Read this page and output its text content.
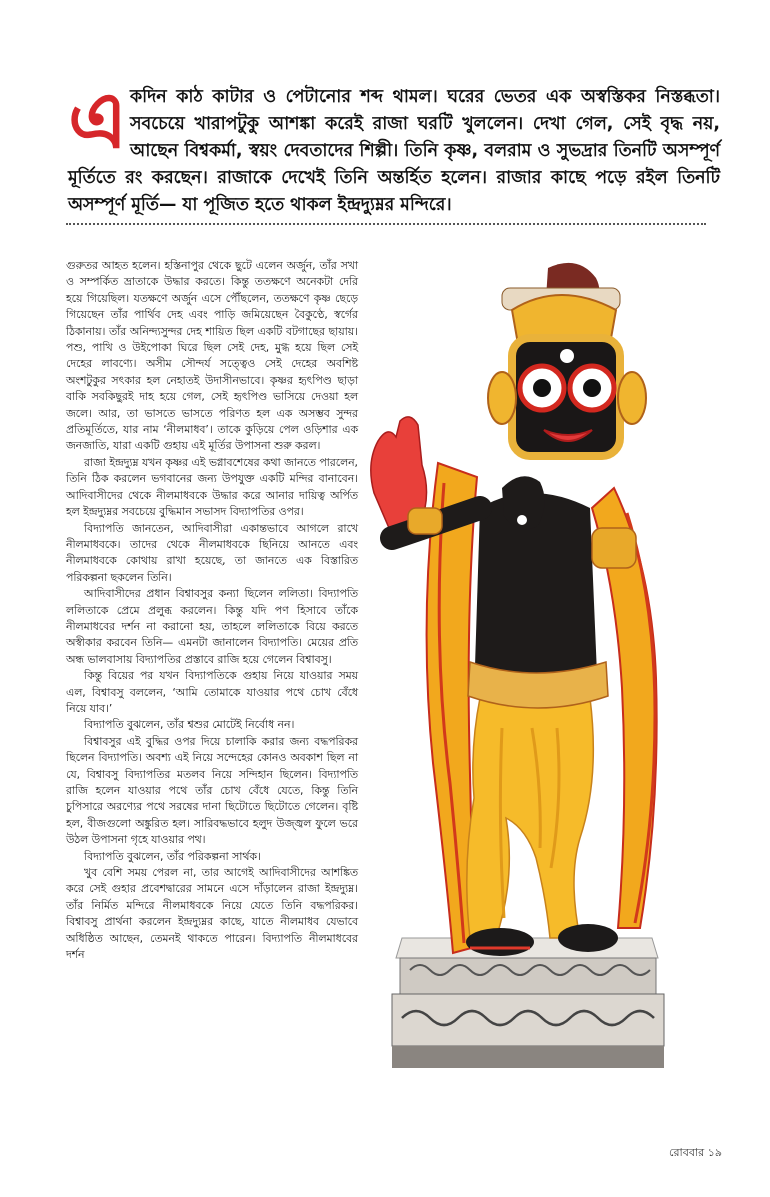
এ কদিন কাঠ কাটার ও পেটানোর শব্দ থামল। ঘরের ভেতর এক অস্বস্তিকর নিস্তব্ধতা। সবচেয়ে খারাপটুকু আশঙ্কা করেই রাজা ঘরটি খুললেন। দেখা গেল, সেই বৃদ্ধ নয়, আছেন বিশ্বকর্মা, স্বয়ং দেবতাদের শিল্পী। তিনি কৃষ্ণ, বলরাম ও সুভদ্রার তিনটি অসম্পূর্ণ মূর্তিতে রং করছেন। রাজাকে দেখেই তিনি অন্তর্হিত হলেন। রাজার কাছে পড়ে রইল তিনটি অসম্পূর্ণ মূর্তি— যা পূজিত হতে থাকল ইন্দ্রদ্যুম্নর মন্দিরে।

গুরুতর আহত হলেন। হস্তিনাপুর থেকে ছুটে এলেন অর্জুন, তাঁর সখা ও সম্পর্কিত ভ্রাতাকে উদ্ধার করতে। কিন্তু ততক্ষণে অনেকটা দেরি হয়ে গিয়েছিল। যতক্ষণে অর্জুন এসে পৌঁছলেন, ততক্ষণে কৃষ্ণ ছেড়ে গিয়েছেন তাঁর পার্থিব দেহ এবং পাড়ি জমিয়েছেন বৈকুণ্ঠে, স্বর্গের ঠিকানায়। তাঁর অনিন্দ্যসুন্দর দেহ শায়িত ছিল একটি বটগাছের ছায়ায়। পশু, পাখি ও উইপোকা ঘিরে ছিল সেই দেহ, মুগ্ধ হয়ে ছিল সেই দেহের লাবণ্যে। অসীম সৌন্দর্য সত্ত্বেও সেই দেহের অবশিষ্ট অংশটুকুর সৎকার হল নেহাতই উদাসীনভাবে। কৃষ্ণর হৃৎপিণ্ড ছাড়া বাকি সবকিছুরই দাহ হয়ে গেল, সেই হৃৎপিণ্ড ভাসিয়ে দেওয়া হল জলে। আর, তা ভাসতে ভাসতে পরিণত হল এক অসম্ভব সুন্দর প্রতিমূর্তিতে, যার নাম ‘নীলমাধব’। তাকে কুড়িয়ে পেল ওড়িশার এক জনজাতি, যারা একটি গুহায় এই মূর্তির উপাসনা শুরু করল।

রাজা ইন্দ্রদ্যুম্ন যখন কৃষ্ণর এই ভগ্নাবশেষের কথা জানতে পারলেন, তিনি ঠিক করলেন ভগবানের জন্য উপযুক্ত একটি মন্দির বানাবেন। আদিবাসীদের থেকে নীলমাধবকে উদ্ধার করে আনার দায়িত্ব অর্পিত হল ইন্দ্রদ্যুম্নর সবচেয়ে বুদ্ধিমান সভাসদ বিদ্যাপতির ওপর।

বিদ্যাপতি জানতেন, আদিবাসীরা একান্তভাবে আগলে রাখে নীলমাধবকে। তাদের থেকে নীলমাধবকে ছিনিয়ে আনতে এবং নীলমাধবকে কোথায় রাখা হয়েছে, তা জানতে এক বিস্তারিত পরিকল্পনা ছকলেন তিনি।

আদিবাসীদের প্রধান বিশ্বাবসুর কন্যা ছিলেন ললিতা। বিদ্যাপতি ললিতাকে প্রেমে প্রলুব্ধ করলেন। কিন্তু যদি পণ হিসাবে তাঁকে নীলমাধবের দর্শন না করানো হয়, তাহলে ললিতাকে বিয়ে করতে অস্বীকার করবেন তিনি— এমনটা জানালেন বিদ্যাপতি। মেয়ের প্রতি অন্ধ ভালবাসায় বিদ্যাপতির প্রস্তাবে রাজি হয়ে গেলেন বিশ্বাবসু।

কিন্তু বিয়ের পর যখন বিদ্যাপতিকে গুহায় নিয়ে যাওয়ার সময় এল, বিশ্বাবসু বললেন, ‘আমি তোমাকে যাওয়ার পথে চোখ বেঁধে নিয়ে যাব।’

বিদ্যাপতি বুঝলেন, তাঁর শ্বশুর মোটেই নির্বোধ নন।

বিশ্বাবসুর এই বুদ্ধির ওপর দিয়ে চালাকি করার জন্য বদ্ধপরিকর ছিলেন বিদ্যাপতি। অবশ্য এই নিয়ে সন্দেহের কোনও অবকাশ ছিল না যে, বিশ্বাবসু বিদ্যাপতির মতলব নিয়ে সন্দিহান ছিলেন। বিদ্যাপতি রাজি হলেন যাওয়ার পথে তাঁর চোখ বেঁধে যেতে, কিন্তু তিনি চুপিসারে অরণ্যের পথে সরষের দানা ছিটোতে ছিটোতে গেলেন। বৃষ্টি হল, বীজগুলো অঙ্কুরিত হল। সারিবদ্ধভাবে হলুদ উজ্জ্বল ফুলে ভরে উঠল উপাসনা গৃহে যাওয়ার পথ।

বিদ্যাপতি বুঝলেন, তাঁর পরিকল্পনা সার্থক।

খুব বেশি সময় পেরল না, তার আগেই আদিবাসীদের আশঙ্কিত করে সেই গুহার প্রবেশদ্বারের সামনে এসে দাঁড়ালেন রাজা ইন্দ্রদ্যুম্ন। তাঁর নির্মিত মন্দিরে নীলমাধবকে নিয়ে যেতে তিনি বদ্ধপরিকর। বিশ্বাবসু প্রার্থনা করলেন ইন্দ্রদ্যুম্নর কাছে, যাতে নীলমাধব যেভাবে অধিষ্ঠিত আছেন, তেমনই থাকতে পারেন। বিদ্যাপতি নীলমাধবের দর্শন

রোববার ১৯
